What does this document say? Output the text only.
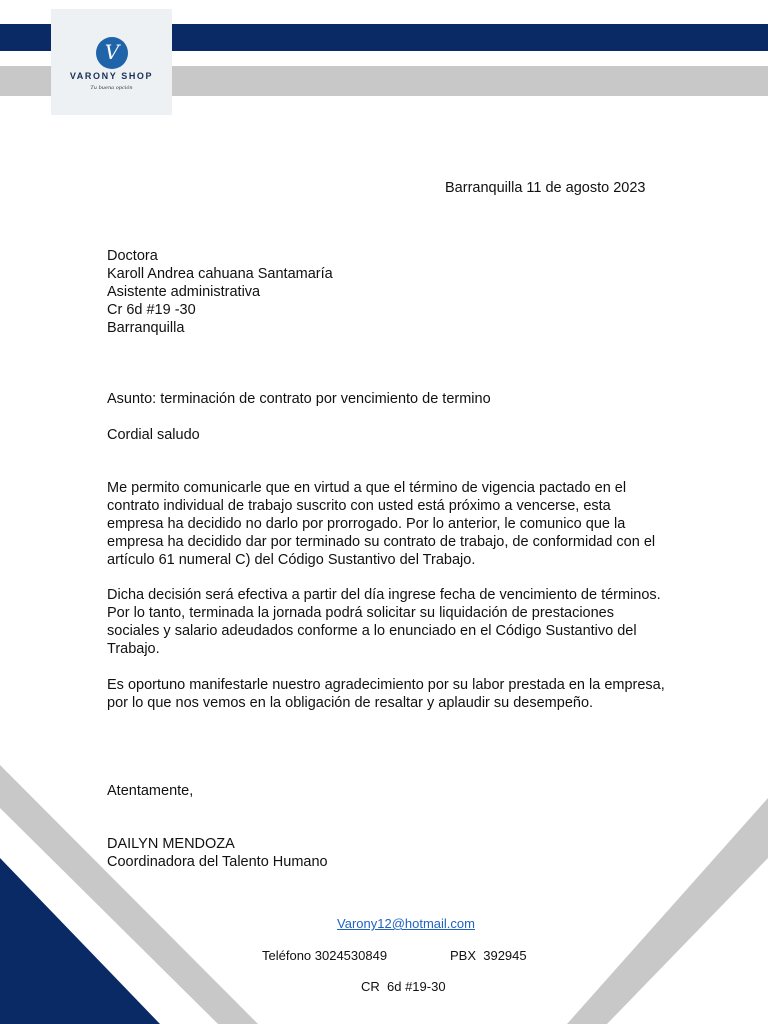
V
VARONY SHOP
Tu buena opción
Barranquilla 11 de agosto 2023
Doctora
Karoll Andrea cahuana Santamaría
Asistente administrativa
Cr 6d #19 -30
Barranquilla
Asunto: terminación de contrato por vencimiento de termino
Cordial saludo

Me permito comunicarle que en virtud a que el término de vigencia pactado en el contrato individual de trabajo suscrito con usted está próximo a vencerse, esta empresa ha decidido no darlo por prorrogado. Por lo anterior, le comunico que la empresa ha decidido dar por terminado su contrato de trabajo, de conformidad con el artículo 61 numeral C) del Código Sustantivo del Trabajo.

Dicha decisión será efectiva a partir del día ingrese fecha de vencimiento de términos. Por lo tanto, terminada la jornada podrá solicitar su liquidación de prestaciones sociales y salario adeudados conforme a lo enunciado en el Código Sustantivo del Trabajo.

Es oportuno manifestarle nuestro agradecimiento por su labor prestada en la empresa, por lo que nos vemos en la obligación de resaltar y aplaudir su desempeño.

Atentamente,
DAILYN MENDOZA
Coordinadora del Talento Humano
Varony12@hotmail.com
Teléfono 3024530849	PBX  392945
CR  6d #19-30
